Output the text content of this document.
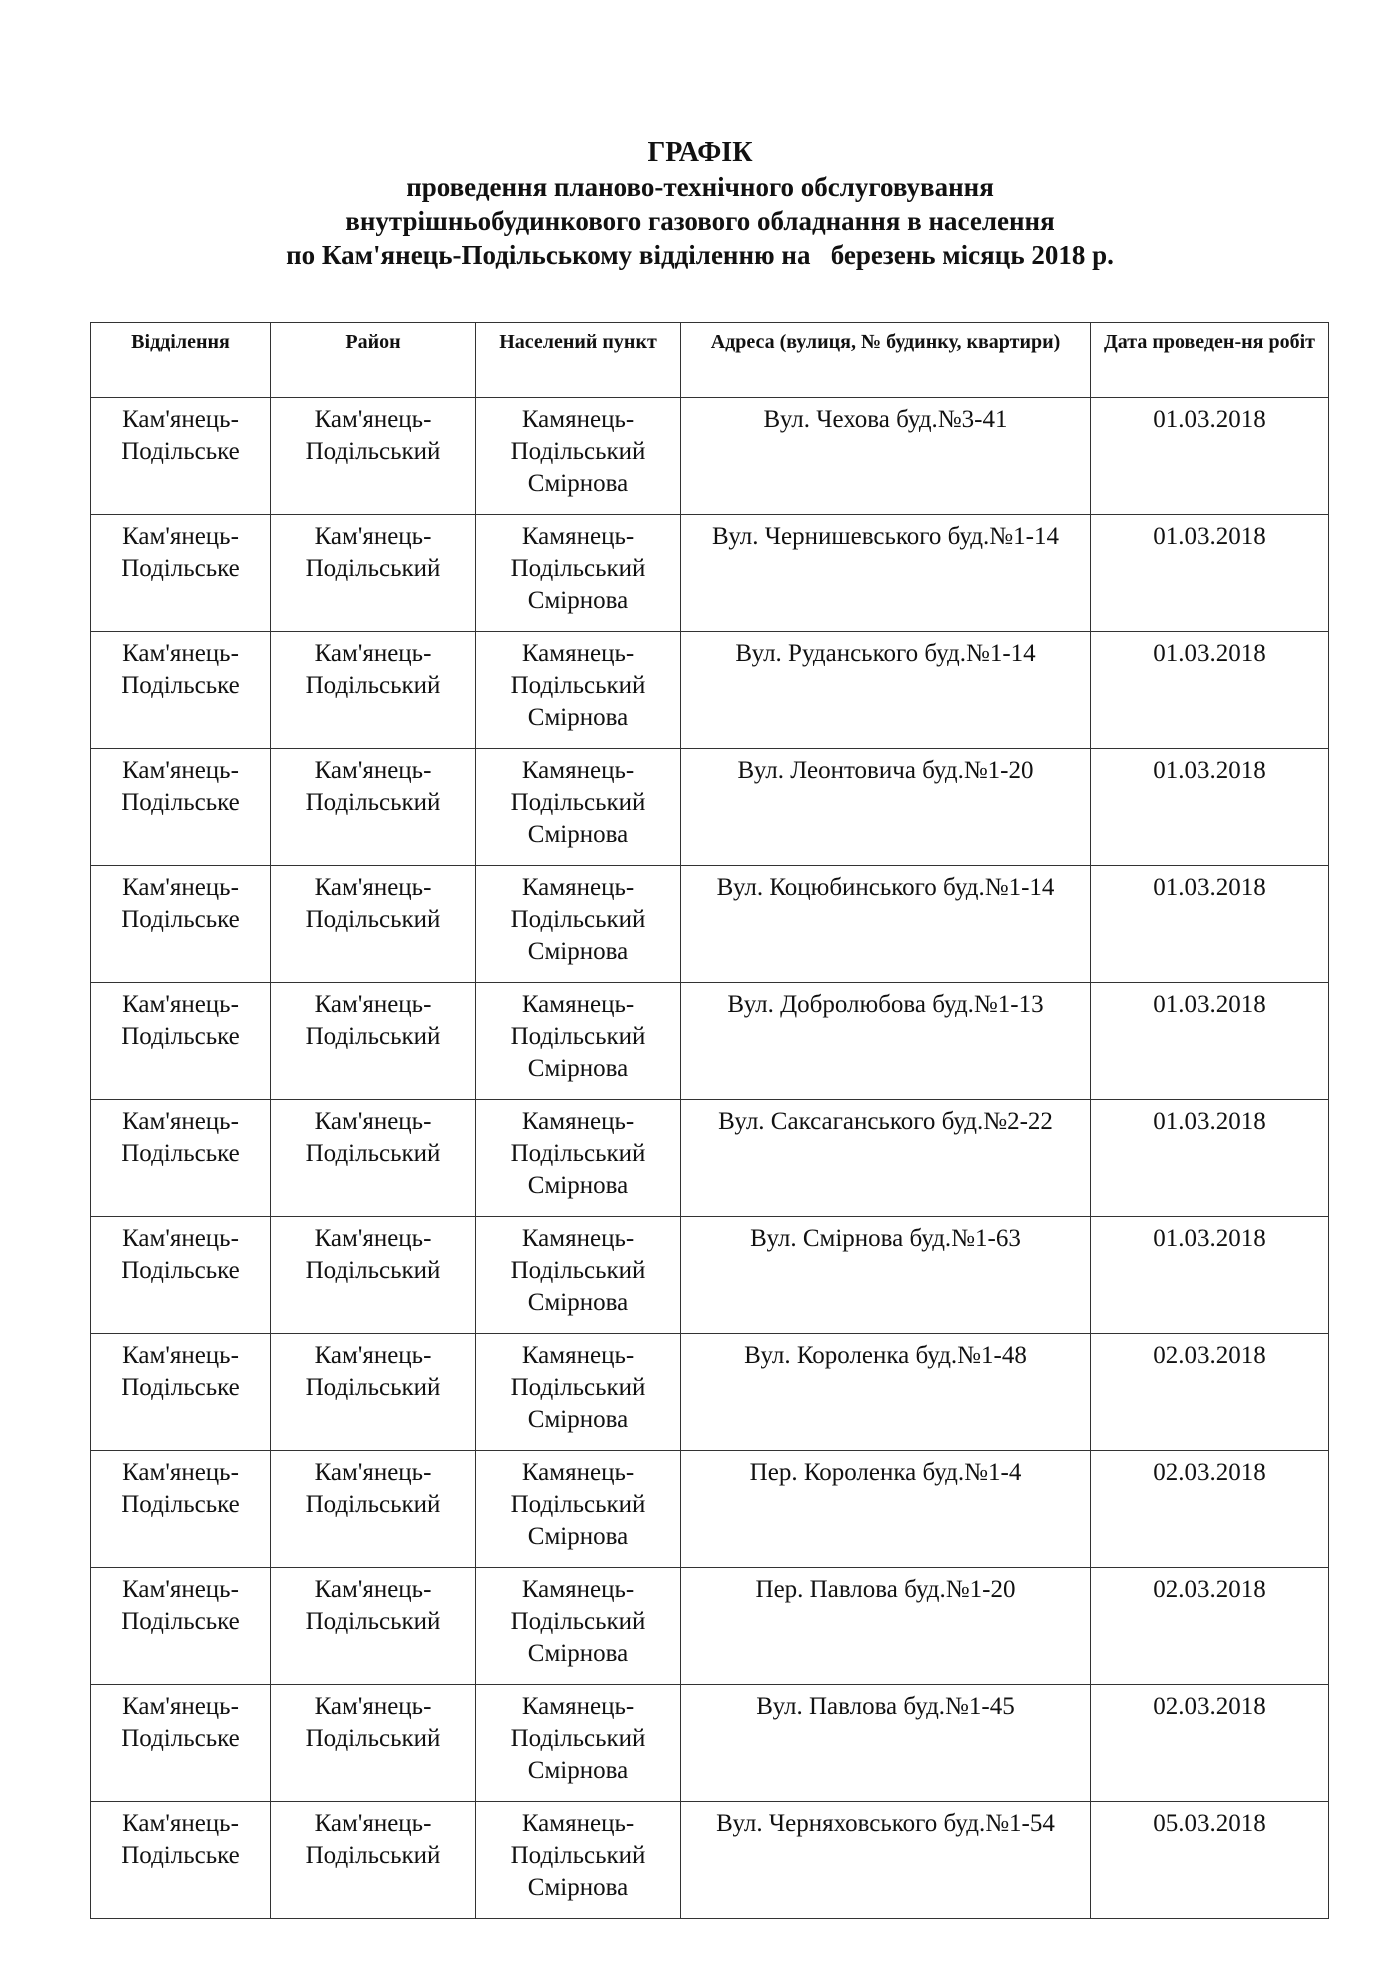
ГРАФІК
проведення планово-технічного обслуговування
внутрішньобудинкового газового обладнання в населення
по Кам'янець-Подільському відділенню на   березень місяць 2018 р.
Відділення	Район	Населений пункт	Адреса (вулиця, № будинку, квартири)	Дата проведен-ня робіт
Кам'янець-Подільське	Кам'янець-Подільський	Камянець-Подільський Смірнова	Вул. Чехова буд.№3-41	01.03.2018
Кам'янець-Подільське	Кам'янець-Подільський	Камянець-Подільський Смірнова	Вул. Чернишевського буд.№1-14	01.03.2018
Кам'янець-Подільське	Кам'янець-Подільський	Камянець-Подільський Смірнова	Вул. Руданського буд.№1-14	01.03.2018
Кам'янець-Подільське	Кам'янець-Подільський	Камянець-Подільський Смірнова	Вул. Леонтовича буд.№1-20	01.03.2018
Кам'янець-Подільське	Кам'янець-Подільський	Камянець-Подільський Смірнова	Вул. Коцюбинського буд.№1-14	01.03.2018
Кам'янець-Подільське	Кам'янець-Подільський	Камянець-Подільський Смірнова	Вул. Добролюбова буд.№1-13	01.03.2018
Кам'янець-Подільське	Кам'янець-Подільський	Камянець-Подільський Смірнова	Вул. Саксаганського буд.№2-22	01.03.2018
Кам'янець-Подільське	Кам'янець-Подільський	Камянець-Подільський Смірнова	Вул. Смірнова буд.№1-63	01.03.2018
Кам'янець-Подільське	Кам'янець-Подільський	Камянець-Подільський Смірнова	Вул. Короленка буд.№1-48	02.03.2018
Кам'янець-Подільське	Кам'янець-Подільський	Камянець-Подільський Смірнова	Пер. Короленка буд.№1-4	02.03.2018
Кам'янець-Подільське	Кам'янець-Подільський	Камянець-Подільський Смірнова	Пер. Павлова буд.№1-20	02.03.2018
Кам'янець-Подільське	Кам'янець-Подільський	Камянець-Подільський Смірнова	Вул. Павлова буд.№1-45	02.03.2018
Кам'янець-Подільське	Кам'янець-Подільський	Камянець-Подільський Смірнова	Вул. Черняховського буд.№1-54	05.03.2018
